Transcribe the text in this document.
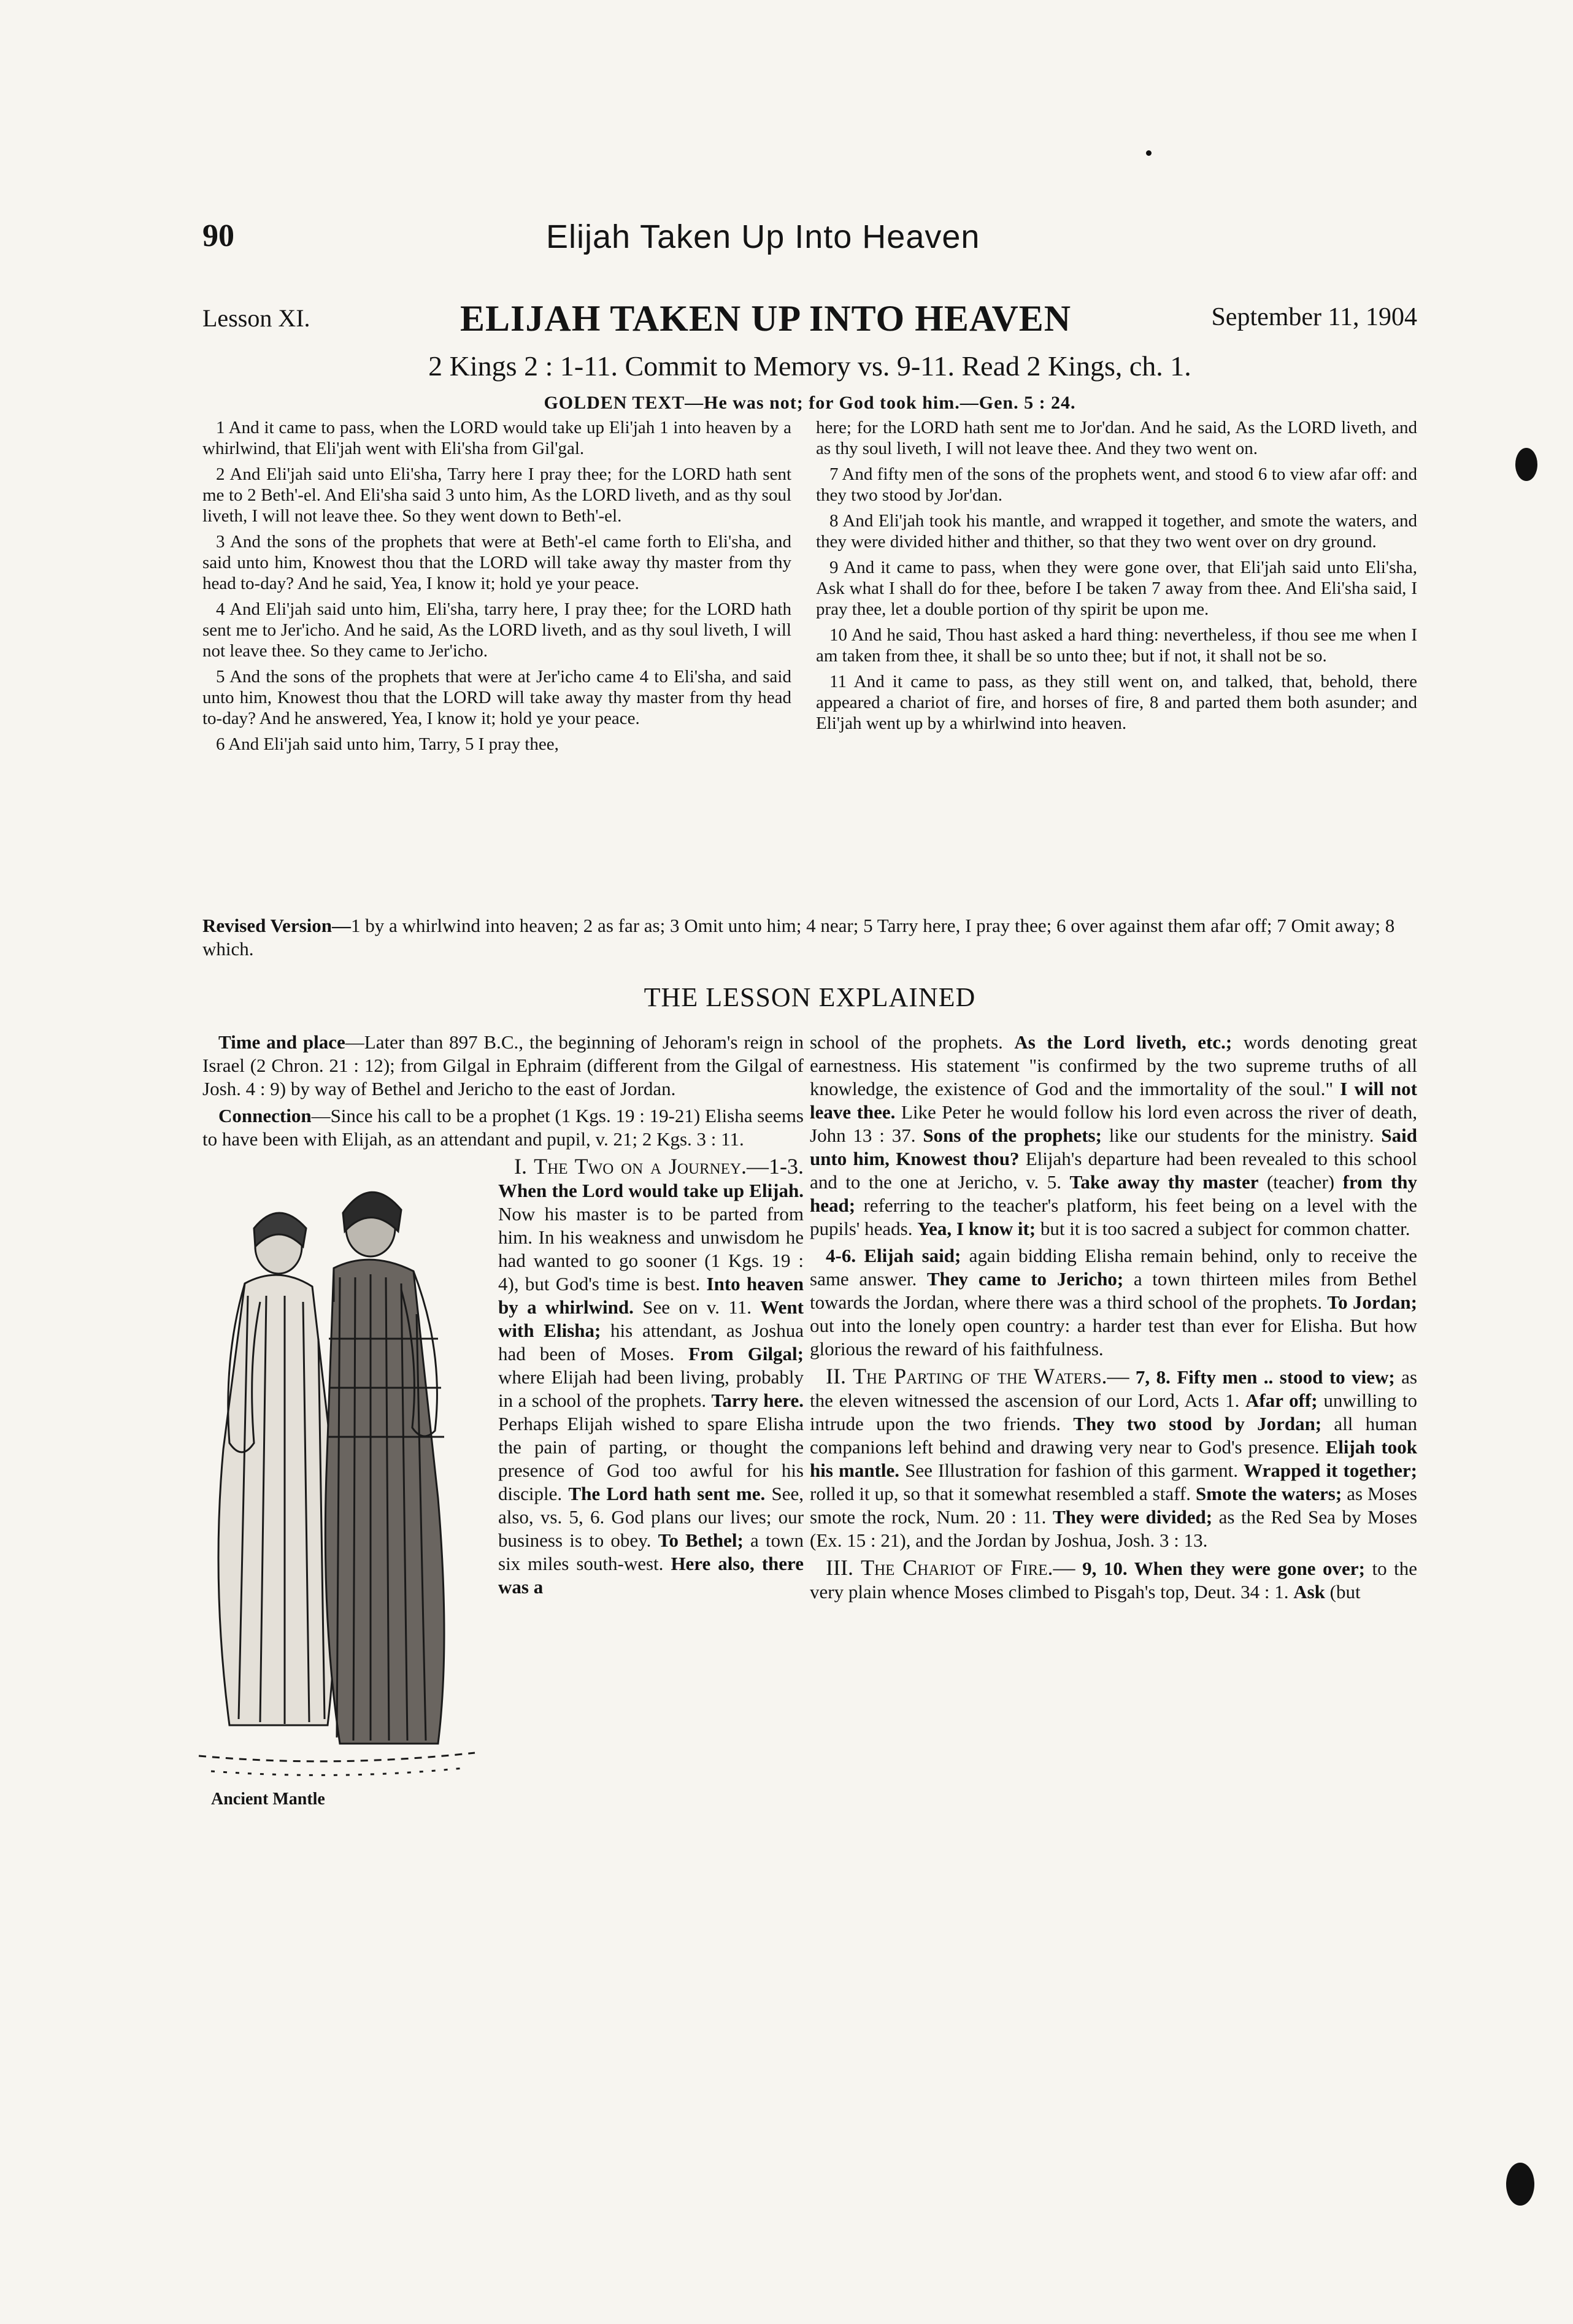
90	Elijah Taken Up Into Heaven
Lesson XI.	ELIJAH TAKEN UP INTO HEAVEN	September 11, 1904
2 Kings 2 : 1-11. Commit to Memory vs. 9-11. Read 2 Kings, ch. 1.
GOLDEN TEXT—He was not; for God took him.—Gen. 5 : 24.

1 And it came to pass, when the LORD would take up Eli'jah 1 into heaven by a whirlwind, that Eli'jah went with Eli'sha from Gil'gal.

2 And Eli'jah said unto Eli'sha, Tarry here I pray thee; for the LORD hath sent me to 2 Beth'-el. And Eli'sha said 3 unto him, As the LORD liveth, and as thy soul liveth, I will not leave thee. So they went down to Beth'-el.

3 And the sons of the prophets that were at Beth'-el came forth to Eli'sha, and said unto him, Knowest thou that the LORD will take away thy master from thy head to-day? And he said, Yea, I know it; hold ye your peace.

4 And Eli'jah said unto him, Eli'sha, tarry here, I pray thee; for the LORD hath sent me to Jer'icho. And he said, As the LORD liveth, and as thy soul liveth, I will not leave thee. So they came to Jer'icho.

5 And the sons of the prophets that were at Jer'icho came 4 to Eli'sha, and said unto him, Knowest thou that the LORD will take away thy master from thy head to-day? And he answered, Yea, I know it; hold ye your peace.

6 And Eli'jah said unto him, Tarry, 5 I pray thee,

here; for the LORD hath sent me to Jor'dan. And he said, As the LORD liveth, and as thy soul liveth, I will not leave thee. And they two went on.

7 And fifty men of the sons of the prophets went, and stood 6 to view afar off: and they two stood by Jor'dan.

8 And Eli'jah took his mantle, and wrapped it together, and smote the waters, and they were divided hither and thither, so that they two went over on dry ground.

9 And it came to pass, when they were gone over, that Eli'jah said unto Eli'sha, Ask what I shall do for thee, before I be taken 7 away from thee. And Eli'sha said, I pray thee, let a double portion of thy spirit be upon me.

10 And he said, Thou hast asked a hard thing: nevertheless, if thou see me when I am taken from thee, it shall be so unto thee; but if not, it shall not be so.

11 And it came to pass, as they still went on, and talked, that, behold, there appeared a chariot of fire, and horses of fire, 8 and parted them both asunder; and Eli'jah went up by a whirlwind into heaven.

Revised Version—1 by a whirlwind into heaven; 2 as far as; 3 Omit unto him; 4 near; 5 Tarry here, I pray thee; 6 over against them afar off; 7 Omit away; 8 which.
THE LESSON EXPLAINED

Time and place—Later than 897 B.C., the beginning of Jehoram's reign in Israel (2 Chron. 21 : 12); from Gilgal in Ephraim (different from the Gilgal of Josh. 4 : 9) by way of Bethel and Jericho to the east of Jordan.

Connection—Since his call to be a prophet (1 Kgs. 19 : 19-21) Elisha seems to have been with Elijah, as an attendant and pupil, v. 21; 2 Kgs. 3 : 11.

Ancient Mantle

I. The Two on a Journey.—1-3. When the Lord would take up Elijah. Now his master is to be parted from him. In his weakness and unwisdom he had wanted to go sooner (1 Kgs. 19 : 4), but God's time is best. Into heaven by a whirlwind. See on v. 11. Went with Elisha; his attendant, as Joshua had been of Moses. From Gilgal; where Elijah had been living, probably in a school of the prophets. Tarry here. Perhaps Elijah wished to spare Elisha the pain of parting, or thought the presence of God too awful for his disciple. The Lord hath sent me. See, also, vs. 5, 6. God plans our lives; our business is to obey. To Bethel; a town six miles south-west. Here also, there was a

school of the prophets. As the Lord liveth, etc.; words denoting great earnestness. His statement "is confirmed by the two supreme truths of all knowledge, the existence of God and the immortality of the soul." I will not leave thee. Like Peter he would follow his lord even across the river of death, John 13 : 37. Sons of the prophets; like our students for the ministry. Said unto him, Knowest thou? Elijah's departure had been revealed to this school and to the one at Jericho, v. 5. Take away thy master (teacher) from thy head; referring to the teacher's platform, his feet being on a level with the pupils' heads. Yea, I know it; but it is too sacred a subject for common chatter.

4-6. Elijah said; again bidding Elisha remain behind, only to receive the same answer. They came to Jericho; a town thirteen miles from Bethel towards the Jordan, where there was a third school of the prophets. To Jordan; out into the lonely open country: a harder test than ever for Elisha. But how glorious the reward of his faithfulness.

II. The Parting of the Waters.— 7, 8. Fifty men .. stood to view; as the eleven witnessed the ascension of our Lord, Acts 1. Afar off; unwilling to intrude upon the two friends. They two stood by Jordan; all human companions left behind and drawing very near to God's presence. Elijah took his mantle. See Illustration for fashion of this garment. Wrapped it together; rolled it up, so that it somewhat resembled a staff. Smote the waters; as Moses smote the rock, Num. 20 : 11. They were divided; as the Red Sea by Moses (Ex. 15 : 21), and the Jordan by Joshua, Josh. 3 : 13.

III. The Chariot of Fire.— 9, 10. When they were gone over; to the very plain whence Moses climbed to Pisgah's top, Deut. 34 : 1. Ask (but
